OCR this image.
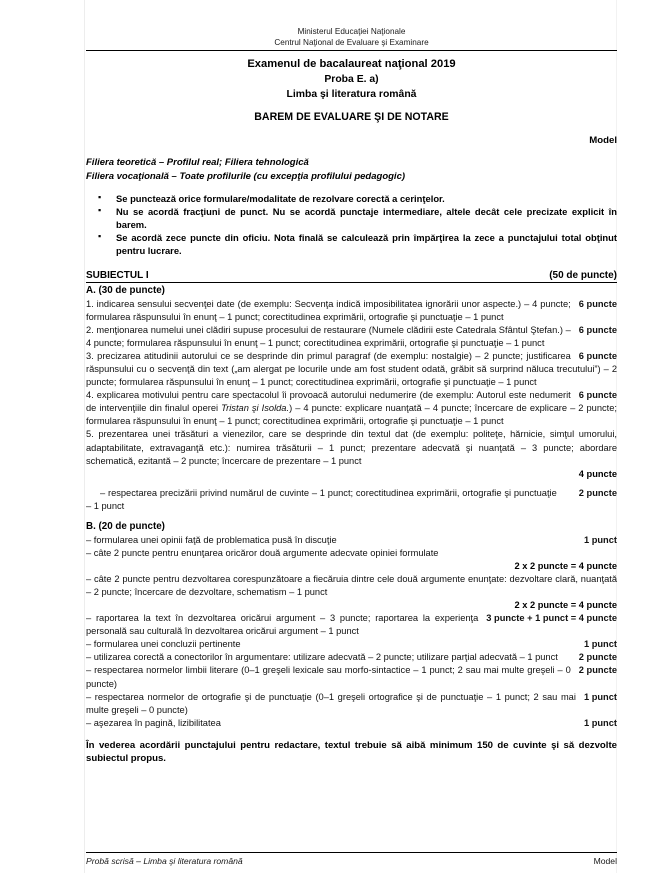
Ministerul Educaţiei Naţionale
Centrul Naţional de Evaluare şi Examinare
Examenul de bacalaureat naţional 2019
Proba E. a)
Limba şi literatura română
BAREM DE EVALUARE ŞI DE NOTARE
Model
Filiera teoretică – Profilul real; Filiera tehnologică
Filiera vocaţională – Toate profilurile (cu excepţia profilului pedagogic)
▪ Se punctează orice formulare/modalitate de rezolvare corectă a cerinţelor.
▪ Nu se acordă fracţiuni de punct. Nu se acordă punctaje intermediare, altele decât cele precizate explicit în barem.
▪ Se acordă zece puncte din oficiu. Nota finală se calculează prin împărţirea la zece a punctajului total obţinut pentru lucrare.
SUBIECTUL I	(50 de puncte)
A. (30 de puncte)
6 puncte
1. indicarea sensului secvenţei date (de exemplu: Secvenţa indică imposibilitatea ignorării unor aspecte.) – 4 puncte; formularea răspunsului în enunţ – 1 punct; corectitudinea exprimării, ortografie şi punctuaţie – 1 punct
6 puncte
2. menţionarea numelui unei clădiri supuse procesului de restaurare (Numele clădirii este Catedrala Sfântul Ştefan.) – 4 puncte; formularea răspunsului în enunţ – 1 punct; corectitudinea exprimării, ortografie şi punctuaţie – 1 punct
6 puncte
3. precizarea atitudinii autorului ce se desprinde din primul paragraf (de exemplu: nostalgie) – 2 puncte; justificarea răspunsului cu o secvenţă din text („am alergat pe locurile unde am fost student odată, grăbit să surprind năluca trecutului”) – 2 puncte; formularea răspunsului în enunţ – 1 punct; corectitudinea exprimării, ortografie şi punctuaţie – 1 punct
6 puncte
4. explicarea motivului pentru care spectacolul îi provoacă autorului nedumerire (de exemplu: Autorul este nedumerit de intervenţiile din finalul operei Tristan şi Isolda.) – 4 puncte: explicare nuanţată – 4 puncte; încercare de explicare – 2 puncte; formularea răspunsului în enunţ – 1 punct; corectitudinea exprimării, ortografie şi punctuaţie – 1 punct
5. prezentarea unei trăsături a vienezilor, care se desprinde din textul dat (de exemplu: politeţe, hărnicie, simţul umorului, adaptabilitate, extravaganţă etc.): numirea trăsăturii – 1 punct; prezentare adecvată şi nuanţată – 3 puncte; abordare schematică, ezitantă – 2 puncte; încercare de prezentare – 1 punct
4 puncte
2 puncte
– respectarea precizării privind numărul de cuvinte – 1 punct; corectitudinea exprimării, ortografie şi punctuaţie – 1 punct
B. (20 de puncte)
1 punct
– formularea unei opinii faţă de problematica pusă în discuţie
– câte 2 puncte pentru enunţarea oricăror două argumente adecvate opiniei formulate
2 x 2 puncte = 4 puncte
– câte 2 puncte pentru dezvoltarea corespunzătoare a fiecăruia dintre cele două argumente enunţate: dezvoltare clară, nuanţată – 2 puncte; încercare de dezvoltare, schematism – 1 punct
2 x 2 puncte = 4 puncte
3 puncte + 1 punct = 4 puncte
– raportarea la text în dezvoltarea oricărui argument – 3 puncte; raportarea la experienţa personală sau culturală în dezvoltarea oricărui argument – 1 punct
1 punct
– formularea unei concluzii pertinente
2 puncte
– utilizarea corectă a conectorilor în argumentare: utilizare adecvată – 2 puncte; utilizare parţial adecvată – 1 punct
2 puncte
– respectarea normelor limbii literare (0–1 greşeli lexicale sau morfo-sintactice – 1 punct; 2 sau mai multe greşeli – 0 puncte)
1 punct
– respectarea normelor de ortografie şi de punctuaţie (0–1 greşeli ortografice şi de punctuaţie – 1 punct; 2 sau mai multe greşeli – 0 puncte)
1 punct
– aşezarea în pagină, lizibilitatea
În vederea acordării punctajului pentru redactare, textul trebuie să aibă minimum 150 de cuvinte şi să dezvolte subiectul propus.
Probă scrisă – Limba şi literatura română	Model
